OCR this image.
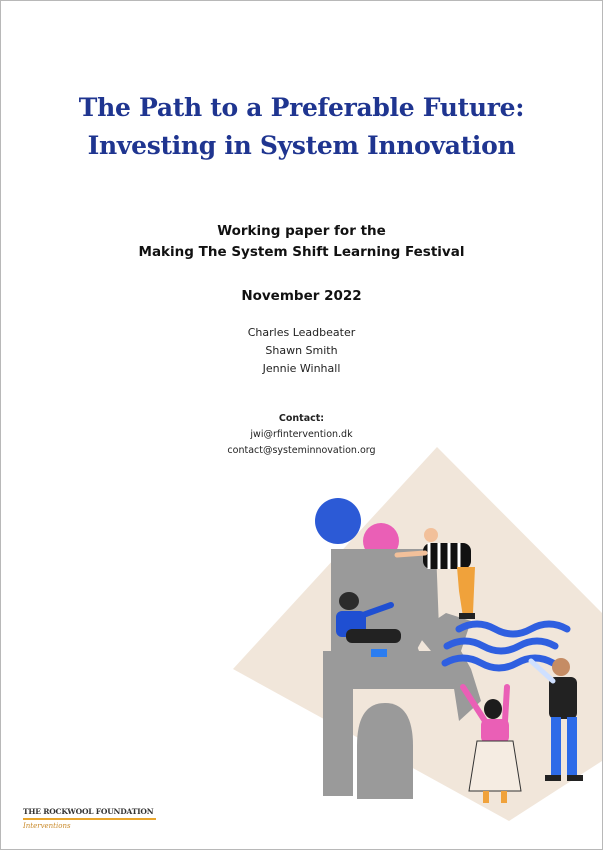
The Path to a Preferable Future:
Investing in System Innovation
Working paper for the
Making The System Shift Learning Festival
November 2022
Charles Leadbeater
Shawn Smith
Jennie Winhall
Contact:
jwi@rfintervention.dk
contact@systeminnovation.org
THE ROCKWOOL FOUNDATION
Interventions
